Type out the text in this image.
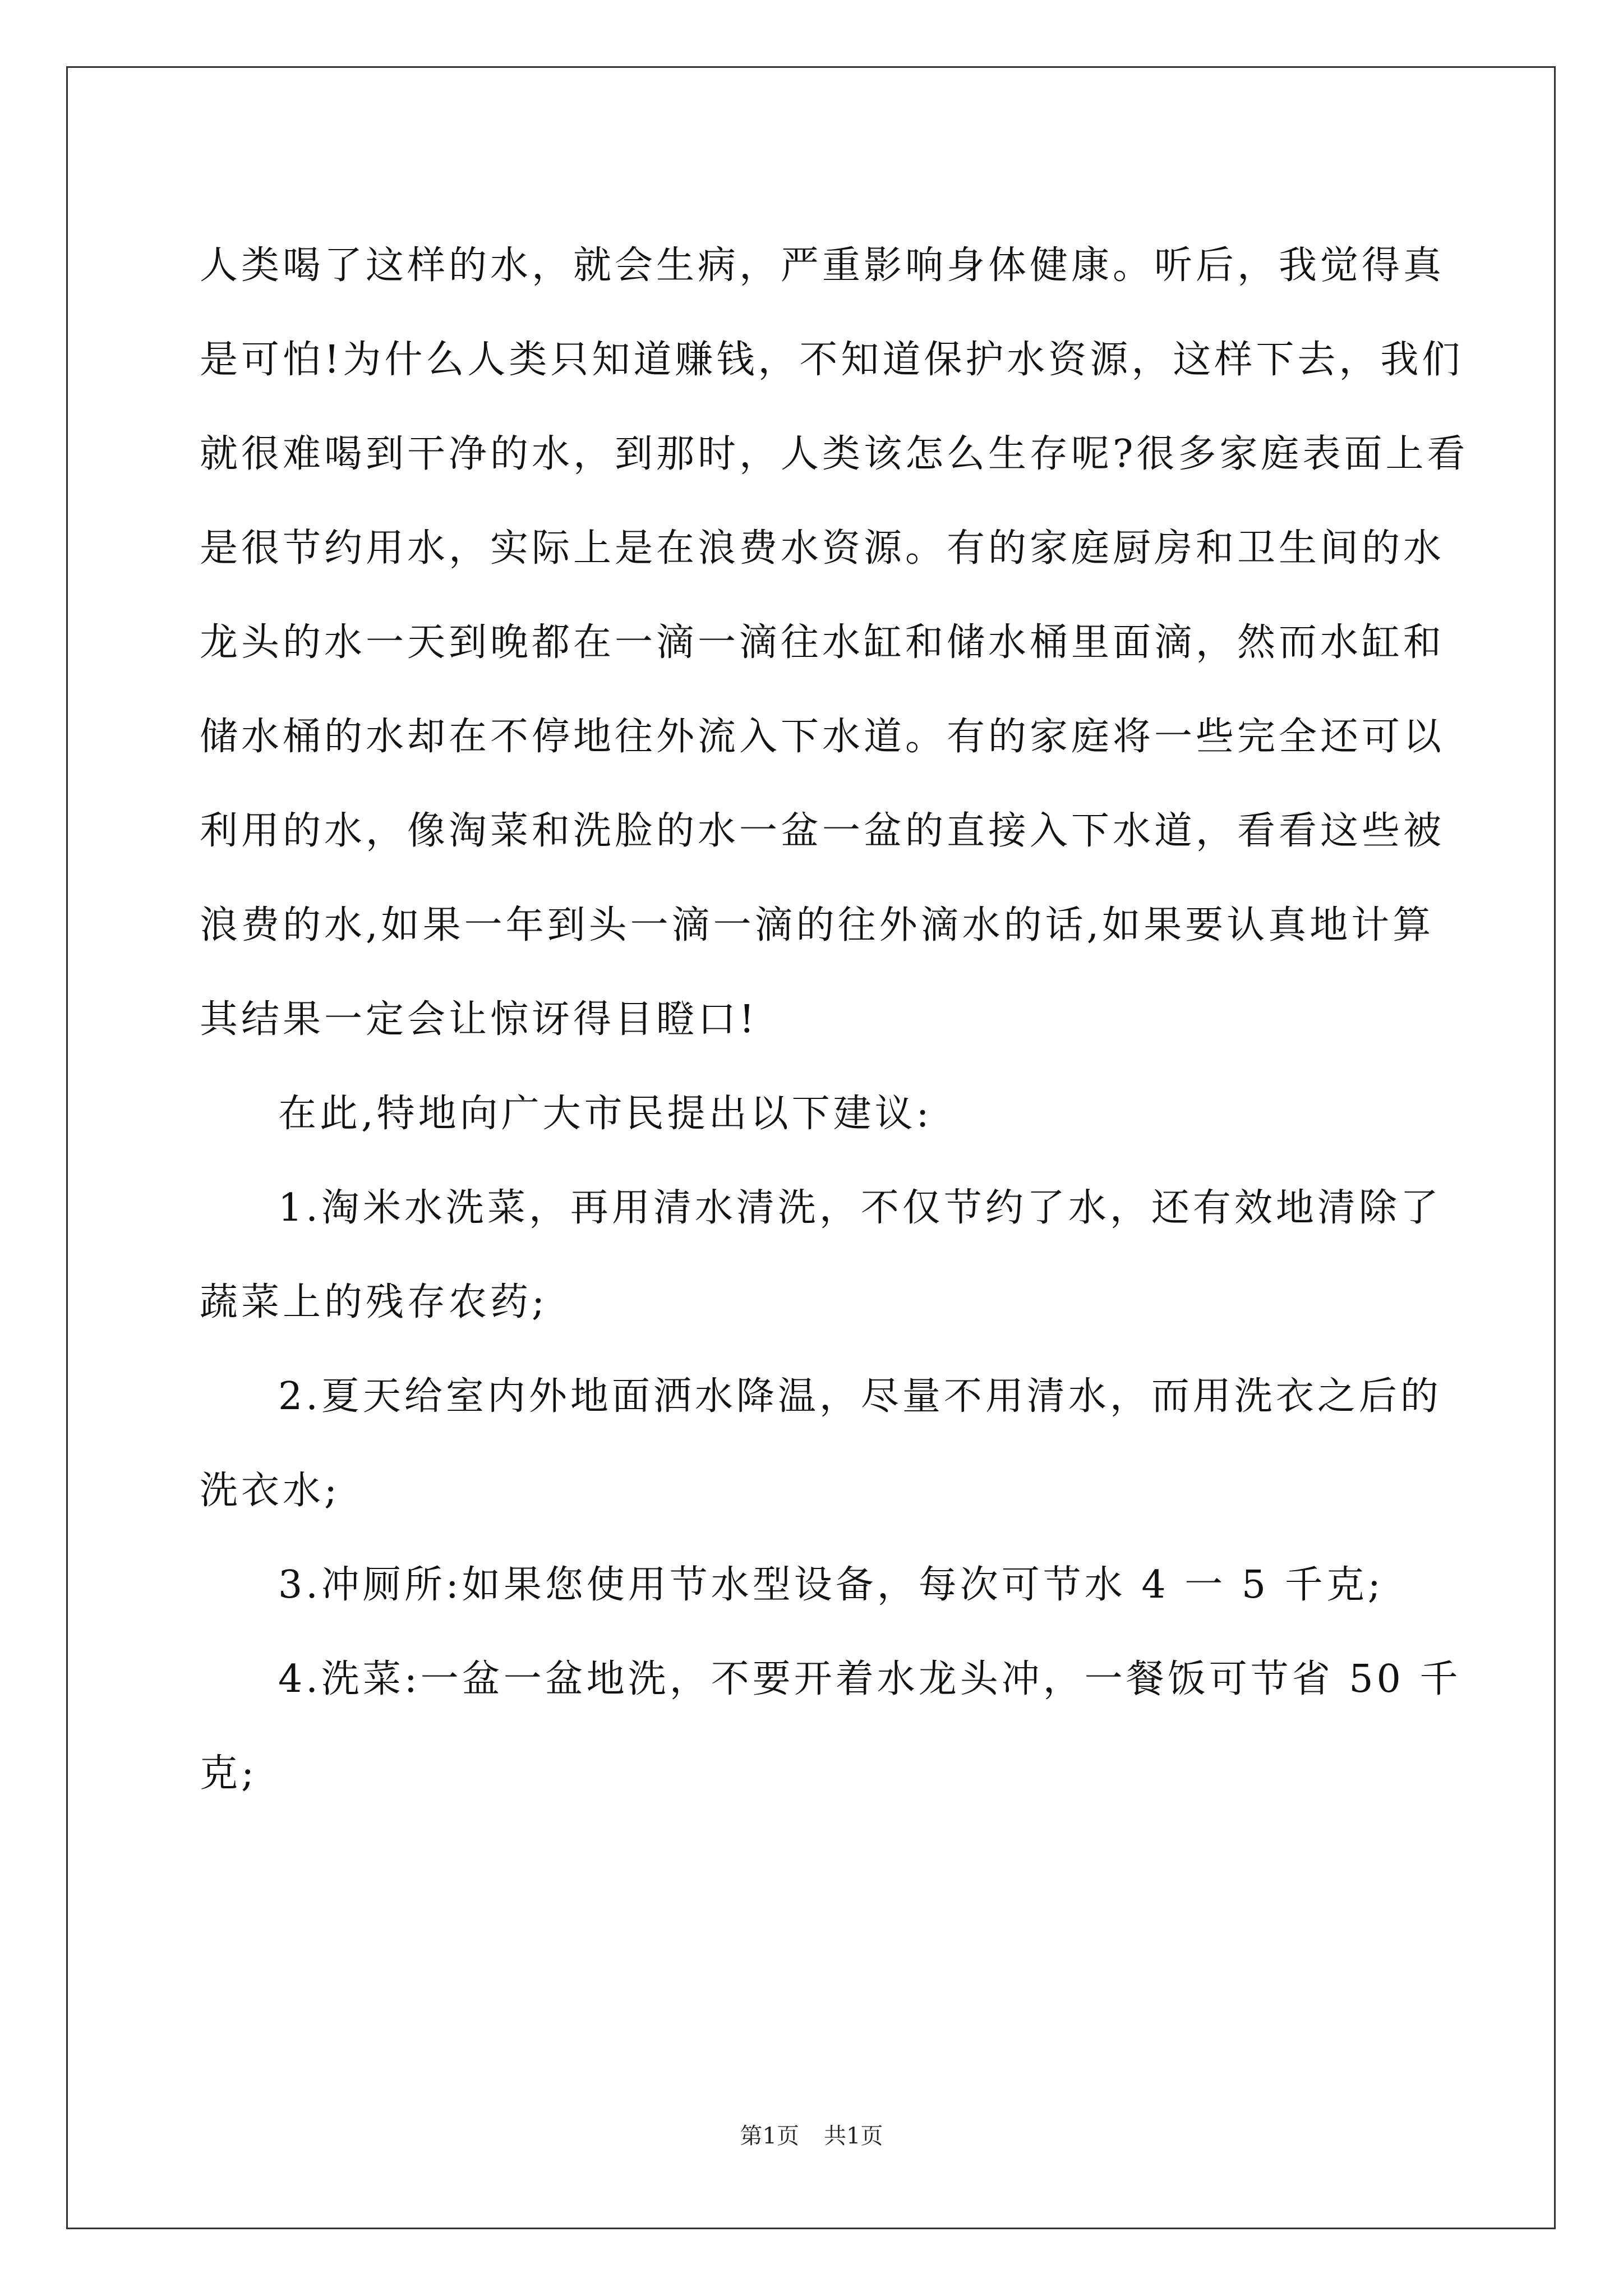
人类喝了这样的水，就会生病，严重影响身体健康。听后，我觉得真
是可怕!为什么人类只知道赚钱，不知道保护水资源，这样下去，我们
就很难喝到干净的水，到那时，人类该怎么生存呢?很多家庭表面上看
是很节约用水，实际上是在浪费水资源。有的家庭厨房和卫生间的水
龙头的水一天到晚都在一滴一滴往水缸和储水桶里面滴，然而水缸和
储水桶的水却在不停地往外流入下水道。有的家庭将一些完全还可以
利用的水，像淘菜和洗脸的水一盆一盆的直接入下水道，看看这些被
浪费的水,如果一年到头一滴一滴的往外滴水的话,如果要认真地计算
其结果一定会让惊讶得目瞪口!
在此,特地向广大市民提出以下建议:
1.淘米水洗菜，再用清水清洗，不仅节约了水，还有效地清除了
蔬菜上的残存农药;
2.夏天给室内外地面洒水降温，尽量不用清水，而用洗衣之后的
洗衣水;
3.冲厕所:如果您使用节水型设备，每次可节水 4 一 5 千克;
4.洗菜:一盆一盆地洗，不要开着水龙头冲，一餐饭可节省 50 千
克;
第1页 共1页
